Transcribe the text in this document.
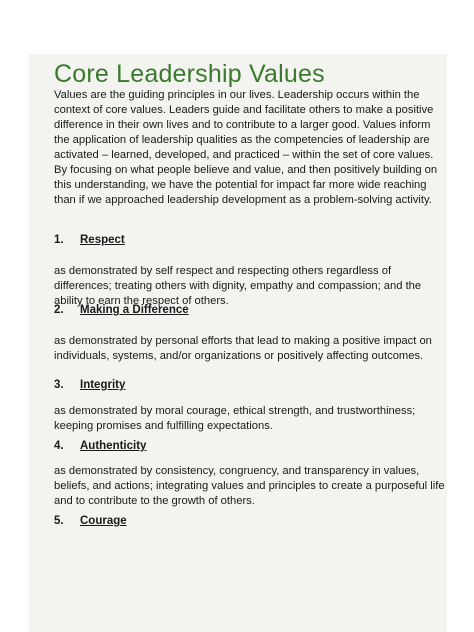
Core Leadership Values

Values are the guiding principles in our lives. Leadership occurs within the context of core values. Leaders guide and facilitate others to make a positive difference in their own lives and to contribute to a larger good. Values inform the application of leadership qualities as the competencies of leadership are activated – learned, developed, and practiced – within the set of core values. By focusing on what people believe and value, and then positively building on this understanding, we have the potential for impact far more wide reaching than if we approached leadership development as a problem-solving activity.

1. Respect

as demonstrated by self respect and respecting others regardless of differences; treating others with dignity, empathy and compassion; and the ability to earn the respect of others.

2. Making a Difference

as demonstrated by personal efforts that lead to making a positive impact on individuals, systems, and/or organizations or positively affecting outcomes.

3. Integrity

as demonstrated by moral courage, ethical strength, and trustworthiness; keeping promises and fulfilling expectations.

4. Authenticity

as demonstrated by consistency, congruency, and transparency in values, beliefs, and actions; integrating values and principles to create a purposeful life and to contribute to the growth of others.

5. Courage
